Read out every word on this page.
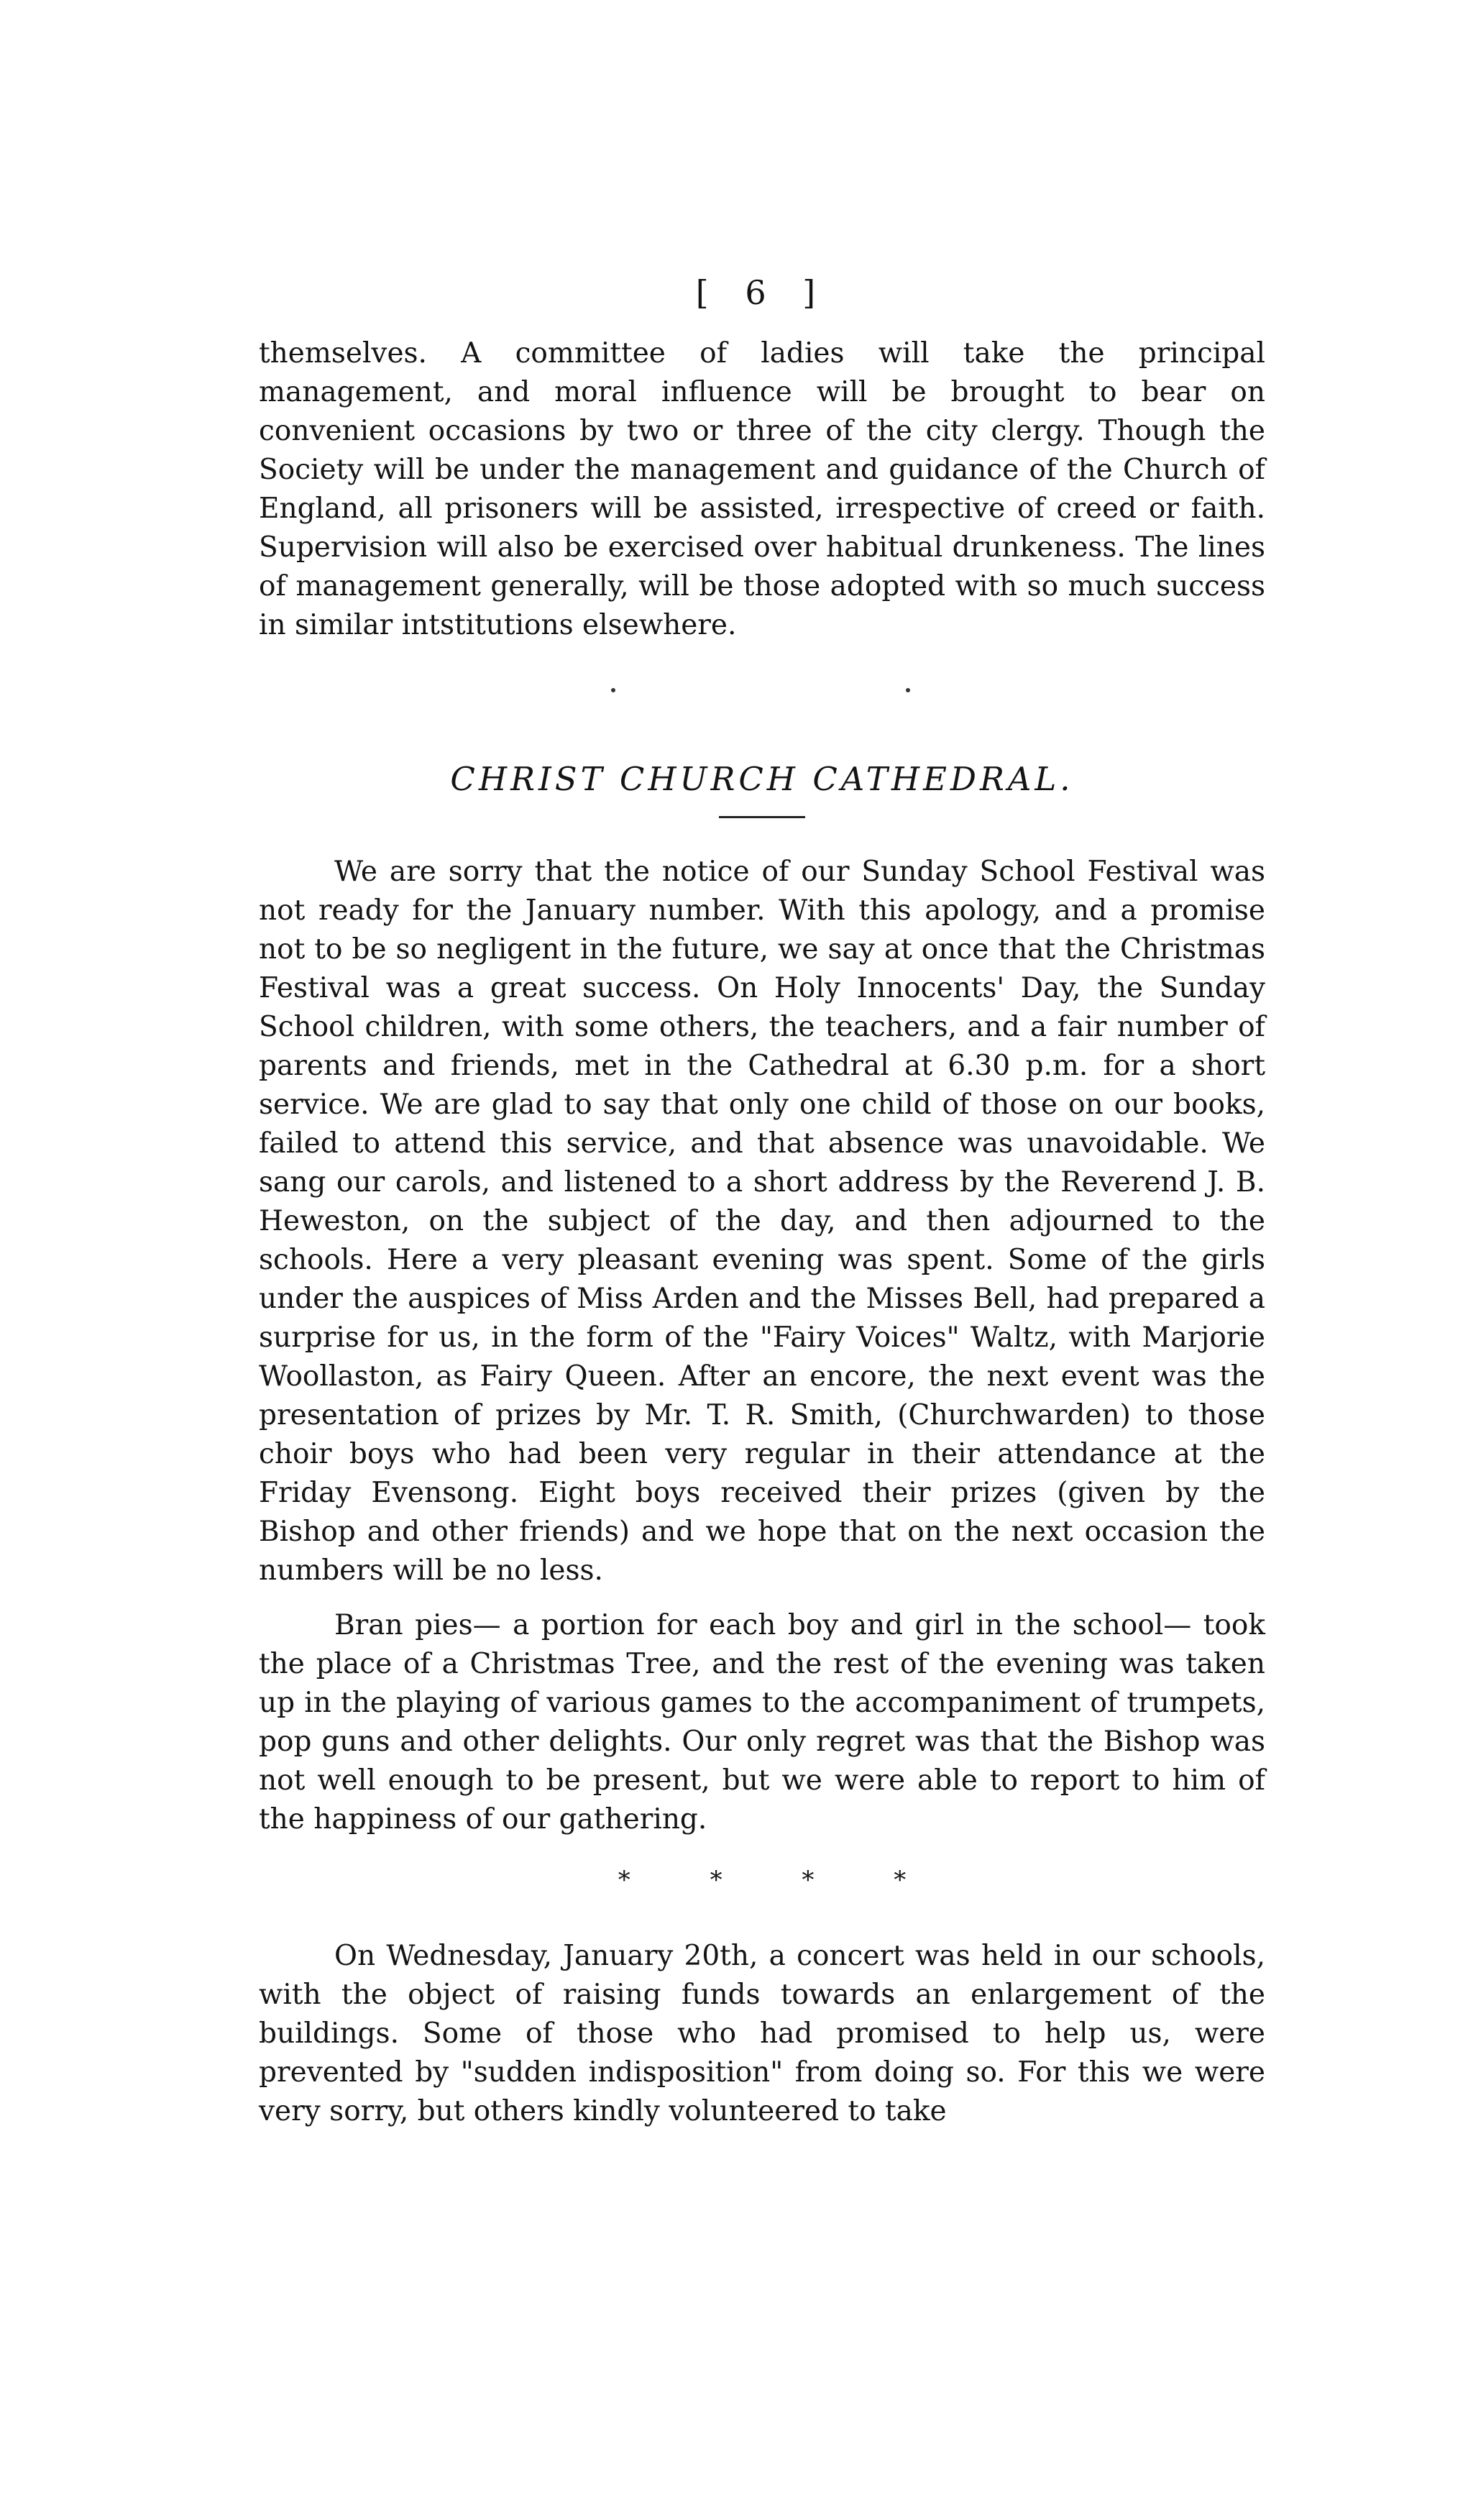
[ 6 ]

themselves. A committee of ladies will take the principal management, and moral influence will be brought to bear on convenient occasions by two or three of the city clergy. Though the Society will be under the management and guidance of the Church of England, all prisoners will be assisted, irrespective of creed or faith. Supervision will also be exercised over habitual drunkeness. The lines of management generally, will be those adopted with so much success in similar intstitutions elsewhere.

CHRIST CHURCH CATHEDRAL.

We are sorry that the notice of our Sunday School Festival was not ready for the January number. With this apology, and a promise not to be so negligent in the future, we say at once that the Christmas Festival was a great success. On Holy Innocents' Day, the Sunday School children, with some others, the teachers, and a fair number of parents and friends, met in the Cathedral at 6.30 p.m. for a short service. We are glad to say that only one child of those on our books, failed to attend this service, and that absence was unavoidable. We sang our carols, and listened to a short address by the Reverend J. B. Heweston, on the subject of the day, and then adjourned to the schools. Here a very pleasant evening was spent. Some of the girls under the auspices of Miss Arden and the Misses Bell, had prepared a surprise for us, in the form of the "Fairy Voices" Waltz, with Marjorie Woollaston, as Fairy Queen. After an encore, the next event was the presentation of prizes by Mr. T. R. Smith, (Churchwarden) to those choir boys who had been very regular in their attendance at the Friday Evensong. Eight boys received their prizes (given by the Bishop and other friends) and we hope that on the next occasion the numbers will be no less.

Bran pies— a portion for each boy and girl in the school— took the place of a Christmas Tree, and the rest of the evening was taken up in the playing of various games to the accompaniment of trumpets, pop guns and other delights. Our only regret was that the Bishop was not well enough to be present, but we were able to report to him of the happiness of our gathering.

*	*	*	*

On Wednesday, January 20th, a concert was held in our schools, with the object of raising funds towards an enlargement of the buildings. Some of those who had promised to help us, were prevented by "sudden indisposition" from doing so. For this we were very sorry, but others kindly volunteered to take
